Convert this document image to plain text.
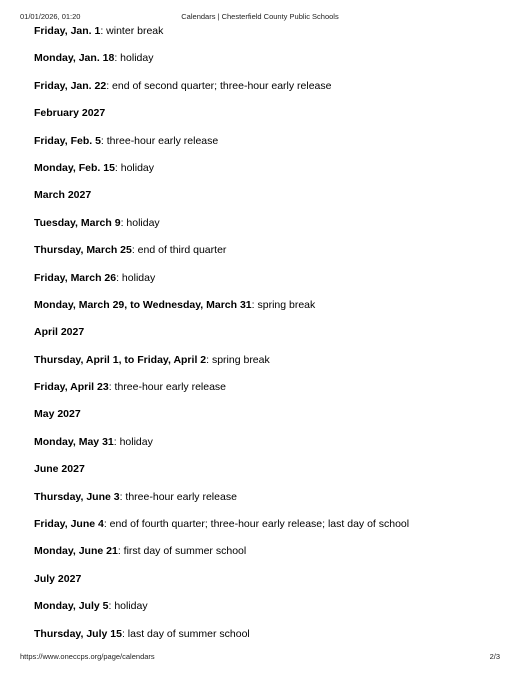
01/01/2026, 01:20	Calendars | Chesterfield County Public Schools
Friday, Jan. 1: winter break
Monday, Jan. 18: holiday
Friday, Jan. 22: end of second quarter; three-hour early release
February 2027
Friday, Feb. 5: three-hour early release
Monday, Feb. 15: holiday
March 2027
Tuesday, March 9: holiday
Thursday, March 25: end of third quarter
Friday, March 26: holiday
Monday, March 29, to Wednesday, March 31: spring break
April 2027
Thursday, April 1, to Friday, April 2: spring break
Friday, April 23: three-hour early release
May 2027
Monday, May 31: holiday
June 2027
Thursday, June 3: three-hour early release
Friday, June 4: end of fourth quarter; three-hour early release; last day of school
Monday, June 21: first day of summer school
July 2027
Monday, July 5: holiday
Thursday, July 15: last day of summer school
https://www.oneccps.org/page/calendars	2/3
